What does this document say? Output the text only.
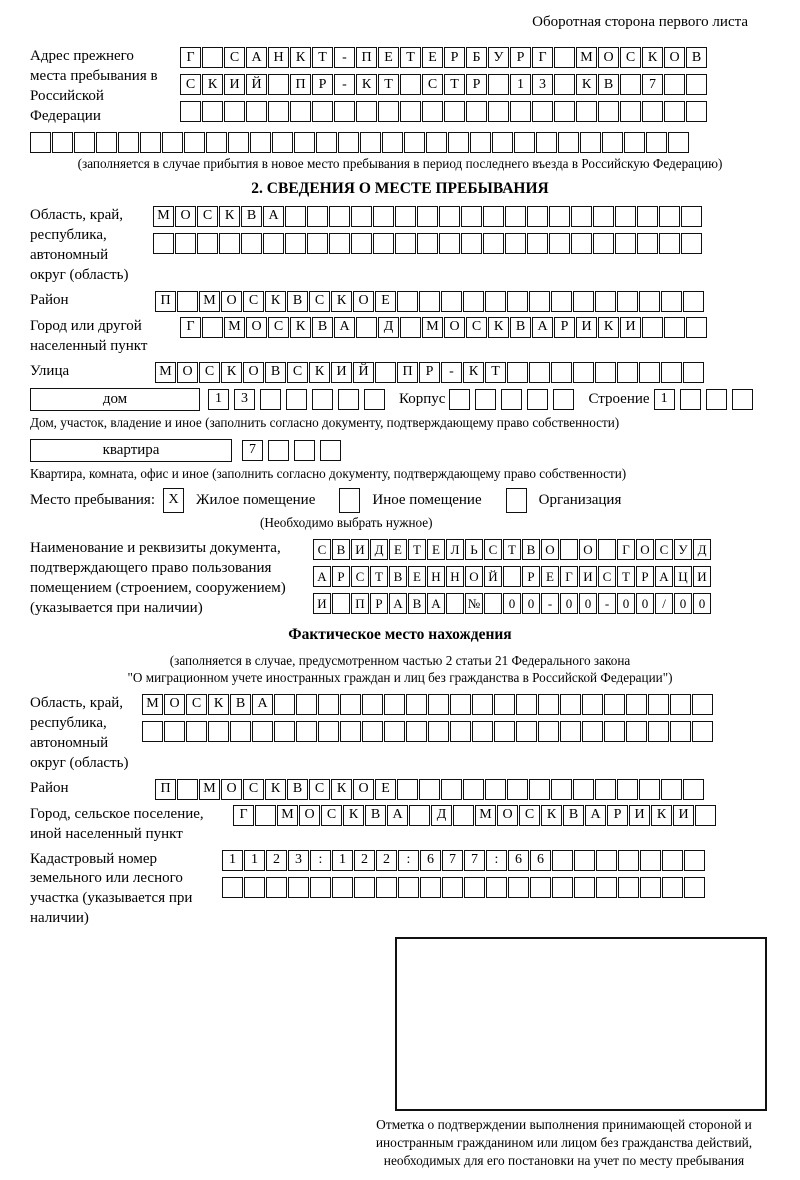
Оборотная сторона первого листа
Адрес прежнего места пребывания в Российской Федерации
Г	С А Н К Т	-	П Е Т Е Р	Б У Р	Г	М О С К О В
С К И Й	П Р	-	К Т	С Т Р	1	3	К В	7
(заполняется в случае прибытия в новое место пребывания в период последнего въезда в Российскую Федерацию)
2. СВЕДЕНИЯ О МЕСТЕ ПРЕБЫВАНИЯ
Область, край, республика, автономный округ (область)
М О С К В А
Район	П	М О С К В С К О Е
Город или другой населенный пункт
Г	М О С К В А	Д	М О С К В А Р И К И
Улица	М О С К О В С К И Й	П Р	-	К Т
дом	1	3	Корпус	Строение 1
Дом, участок, владение и иное (заполнить согласно документу, подтверждающему право собственности)
квартира	7
Квартира, комната, офис и иное (заполнить согласно документу, подтверждающему право собственности)
Место пребывания: X	Жилое помещение	Иное помещение	Организация
(Необходимо выбрать нужное)
Наименование и реквизиты документа, подтверждающего право пользования помещением (строением, сооружением) (указывается при наличии)
С В И Д Е Т Е Л Ь С Т В О	О	Г О С У Д
А Р С Т В Е Н Н О Й	Р Е Г И С Т Р А Ц И
И	П Р А В А	№	0 0	-	0 0	-	0 0	/	0 0
Фактическое место нахождения
(заполняется в случае, предусмотренном частью 2 статьи 21 Федерального закона
"О миграционном учете иностранных граждан и лиц без гражданства в Российской Федерации")
Область, край, республика, автономный округ (область)
М О С К В А
Район	П	М О С К В С К О Е
Город, сельское поселение, иной населенный пункт
Г	М О С К В А	Д	М О С К В А Р И К И
Кадастровый номер земельного или лесного участка (указывается при наличии)
1	1	2	3	:	1	2	2	:	6	7	7	:	6	6
Отметка о подтверждении выполнения принимающей стороной и иностранным гражданином или лицом без гражданства действий, необходимых для его постановки на учет по месту пребывания
